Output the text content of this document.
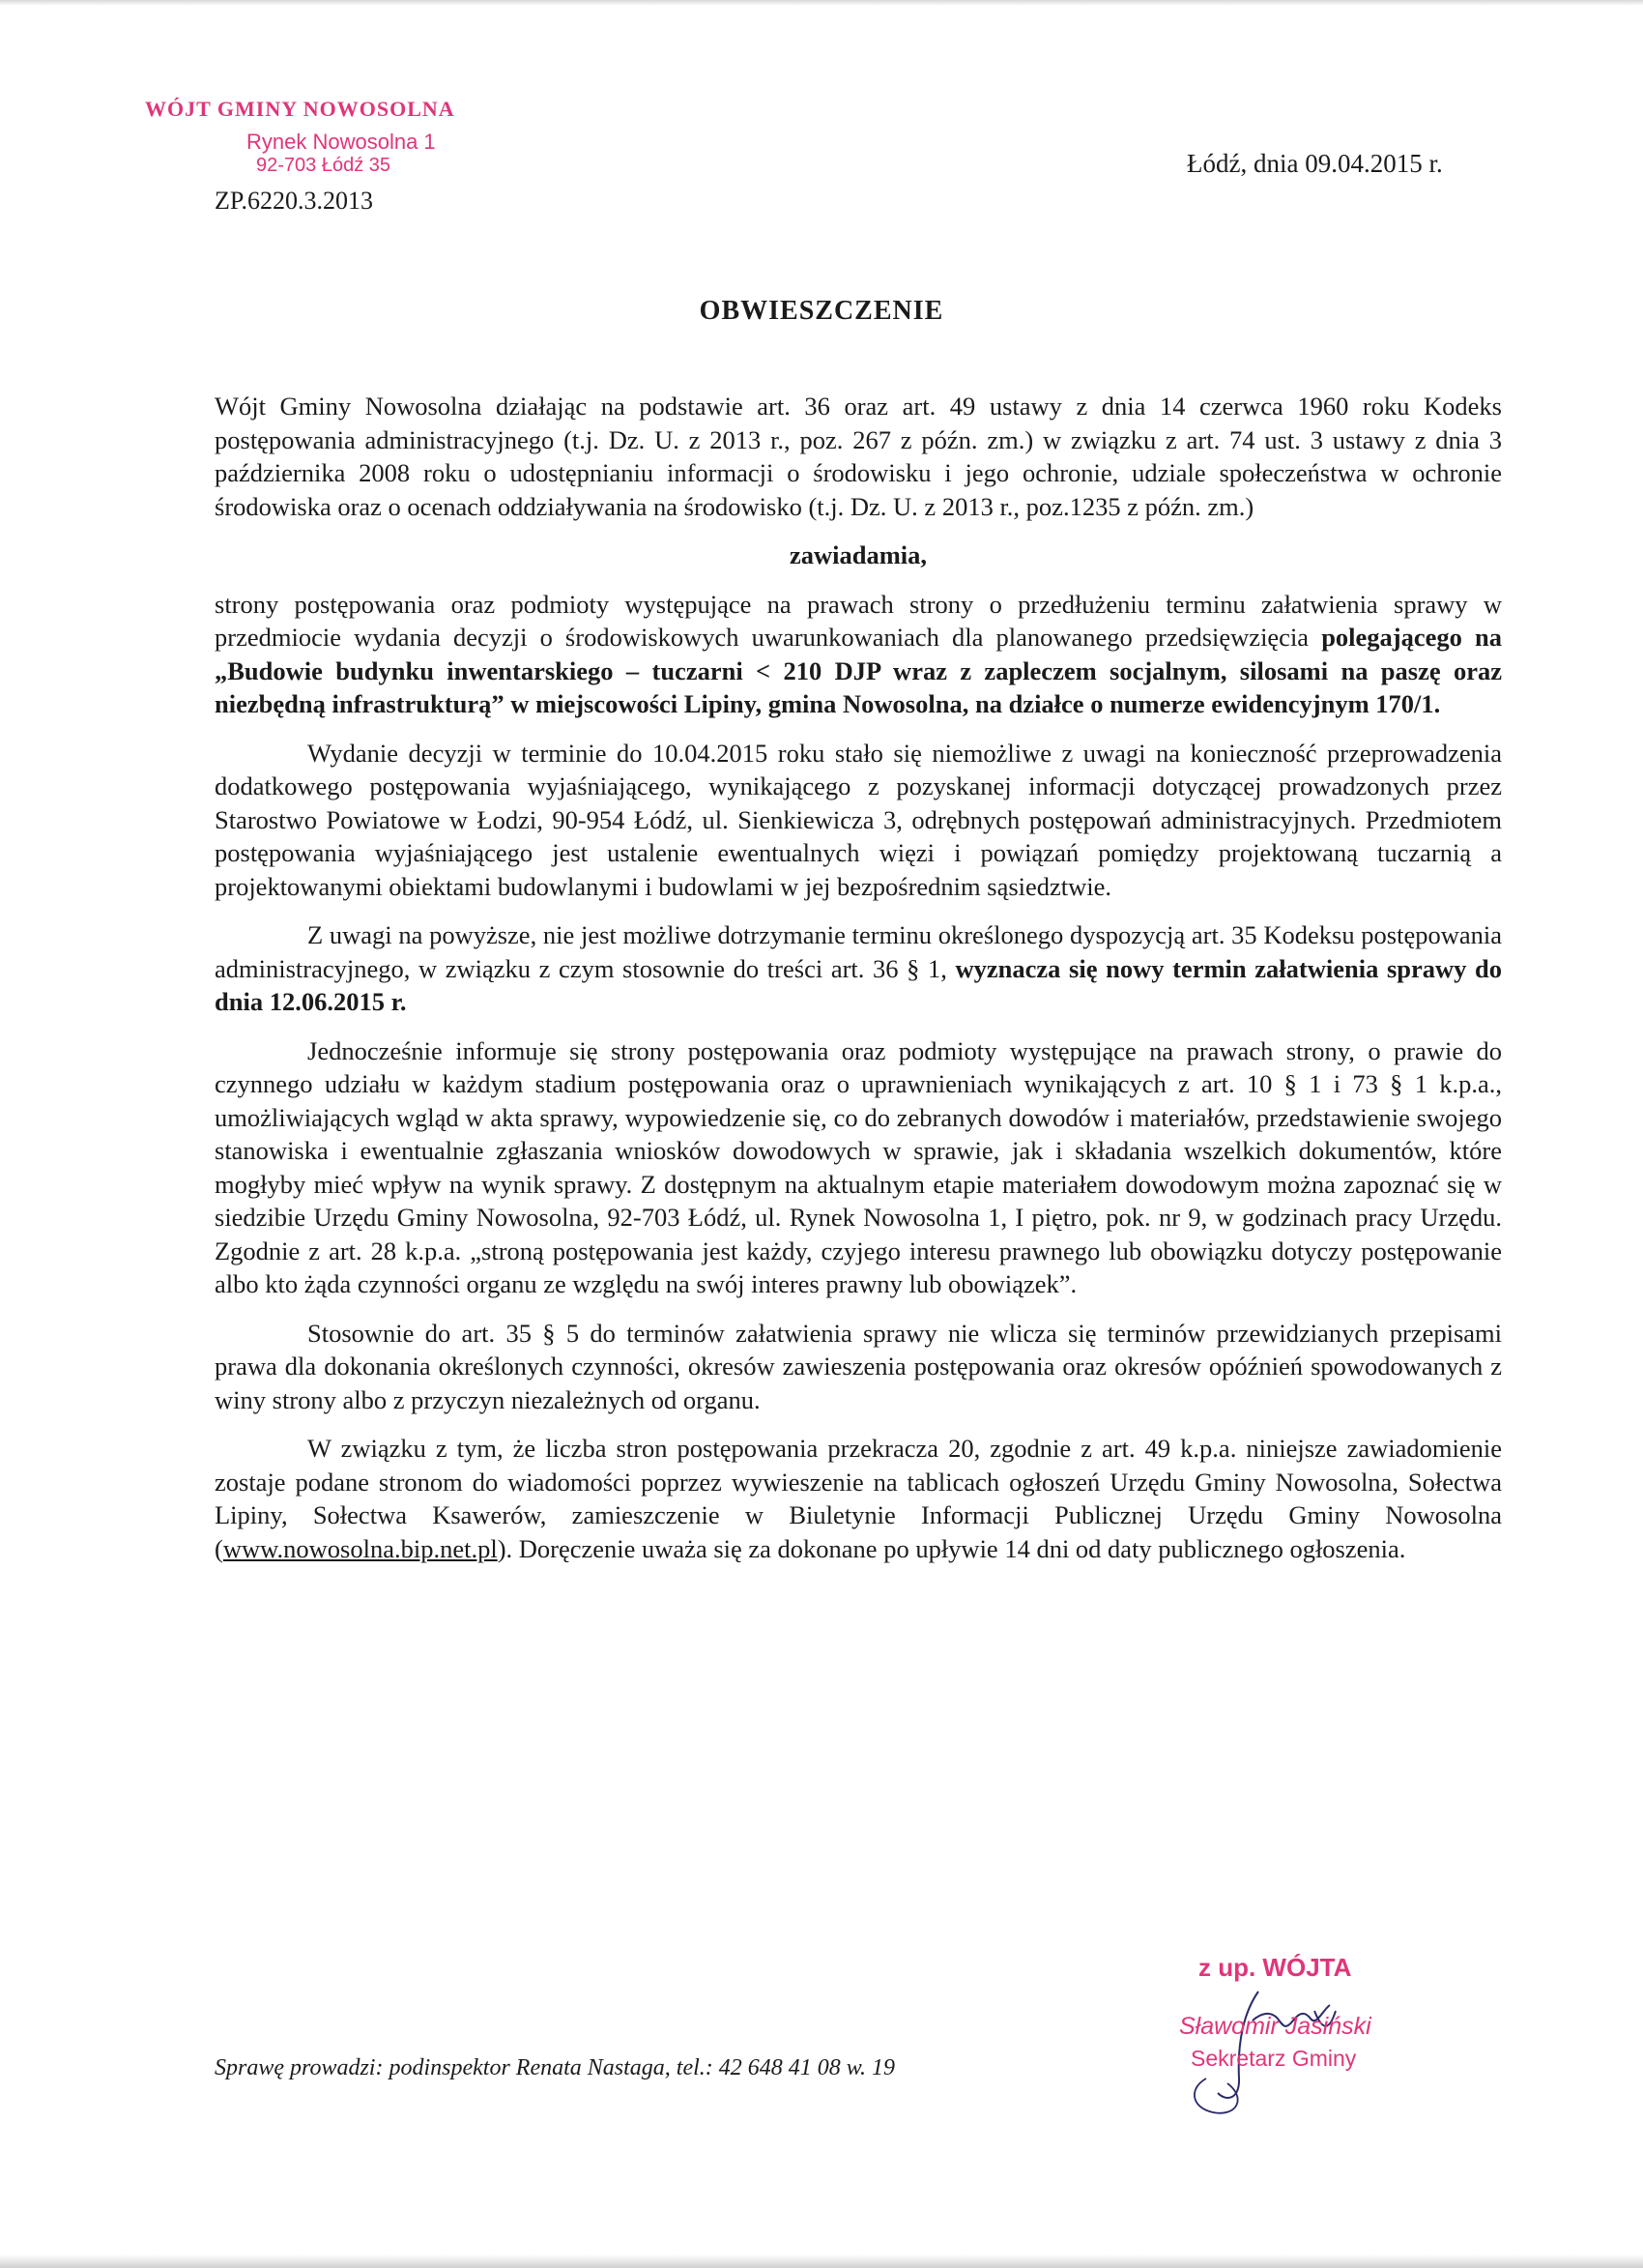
WÓJT GMINY NOWOSOLNA
Rynek Nowosolna 1
92-703 Łódź 35
ZP.6220.3.2013
Łódź, dnia 09.04.2015 r.
OBWIESZCZENIE

Wójt Gminy Nowosolna działając na podstawie art. 36 oraz art. 49 ustawy z dnia 14 czerwca 1960 roku Kodeks postępowania administracyjnego (t.j. Dz. U. z 2013 r., poz. 267 z późn. zm.) w związku z art. 74 ust. 3 ustawy z dnia 3 października 2008 roku o udostępnianiu informacji o środowisku i jego ochronie, udziale społeczeństwa w ochronie środowiska oraz o ocenach oddziaływania na środowisko (t.j. Dz. U. z 2013 r., poz.1235 z późn. zm.)

zawiadamia,

strony postępowania oraz podmioty występujące na prawach strony o przedłużeniu terminu załatwienia sprawy w przedmiocie wydania decyzji o środowiskowych uwarunkowaniach dla planowanego przedsięwzięcia polegającego na „Budowie budynku inwentarskiego – tuczarni < 210 DJP wraz z zapleczem socjalnym, silosami na paszę oraz niezbędną infrastrukturą” w miejscowości Lipiny, gmina Nowosolna, na działce o numerze ewidencyjnym 170/1.

Wydanie decyzji w terminie do 10.04.2015 roku stało się niemożliwe z uwagi na konieczność przeprowadzenia dodatkowego postępowania wyjaśniającego, wynikającego z pozyskanej informacji dotyczącej prowadzonych przez Starostwo Powiatowe w Łodzi, 90-954 Łódź, ul. Sienkiewicza 3, odrębnych postępowań administracyjnych. Przedmiotem postępowania wyjaśniającego jest ustalenie ewentualnych więzi i powiązań pomiędzy projektowaną tuczarnią a projektowanymi obiektami budowlanymi i budowlami w jej bezpośrednim sąsiedztwie.

Z uwagi na powyższe, nie jest możliwe dotrzymanie terminu określonego dyspozycją art. 35 Kodeksu postępowania administracyjnego, w związku z czym stosownie do treści art. 36 § 1, wyznacza się nowy termin załatwienia sprawy do dnia 12.06.2015 r.

Jednocześnie informuje się strony postępowania oraz podmioty występujące na prawach strony, o prawie do czynnego udziału w każdym stadium postępowania oraz o uprawnieniach wynikających z art. 10 § 1 i 73 § 1 k.p.a., umożliwiających wgląd w akta sprawy, wypowiedzenie się, co do zebranych dowodów i materiałów, przedstawienie swojego stanowiska i ewentualnie zgłaszania wniosków dowodowych w sprawie, jak i składania wszelkich dokumentów, które mogłyby mieć wpływ na wynik sprawy. Z dostępnym na aktualnym etapie materiałem dowodowym można zapoznać się w siedzibie Urzędu Gminy Nowosolna, 92-703 Łódź, ul. Rynek Nowosolna 1, I piętro, pok. nr 9, w godzinach pracy Urzędu. Zgodnie z art. 28 k.p.a. „stroną postępowania jest każdy, czyjego interesu prawnego lub obowiązku dotyczy postępowanie albo kto żąda czynności organu ze względu na swój interes prawny lub obowiązek”.

Stosownie do art. 35 § 5 do terminów załatwienia sprawy nie wlicza się terminów przewidzianych przepisami prawa dla dokonania określonych czynności, okresów zawieszenia postępowania oraz okresów opóźnień spowodowanych z winy strony albo z przyczyn niezależnych od organu.

W związku z tym, że liczba stron postępowania przekracza 20, zgodnie z art. 49 k.p.a. niniejsze zawiadomienie zostaje podane stronom do wiadomości poprzez wywieszenie na tablicach ogłoszeń Urzędu Gminy Nowosolna, Sołectwa Lipiny, Sołectwa Ksawerów, zamieszczenie w Biuletynie Informacji Publicznej Urzędu Gminy Nowosolna (www.nowosolna.bip.net.pl). Doręczenie uważa się za dokonane po upływie 14 dni od daty publicznego ogłoszenia.

z up. WÓJTA
Sławomir Jasiński
Sekretarz Gminy
Sprawę prowadzi: podinspektor Renata Nastaga, tel.: 42 648 41 08 w. 19
